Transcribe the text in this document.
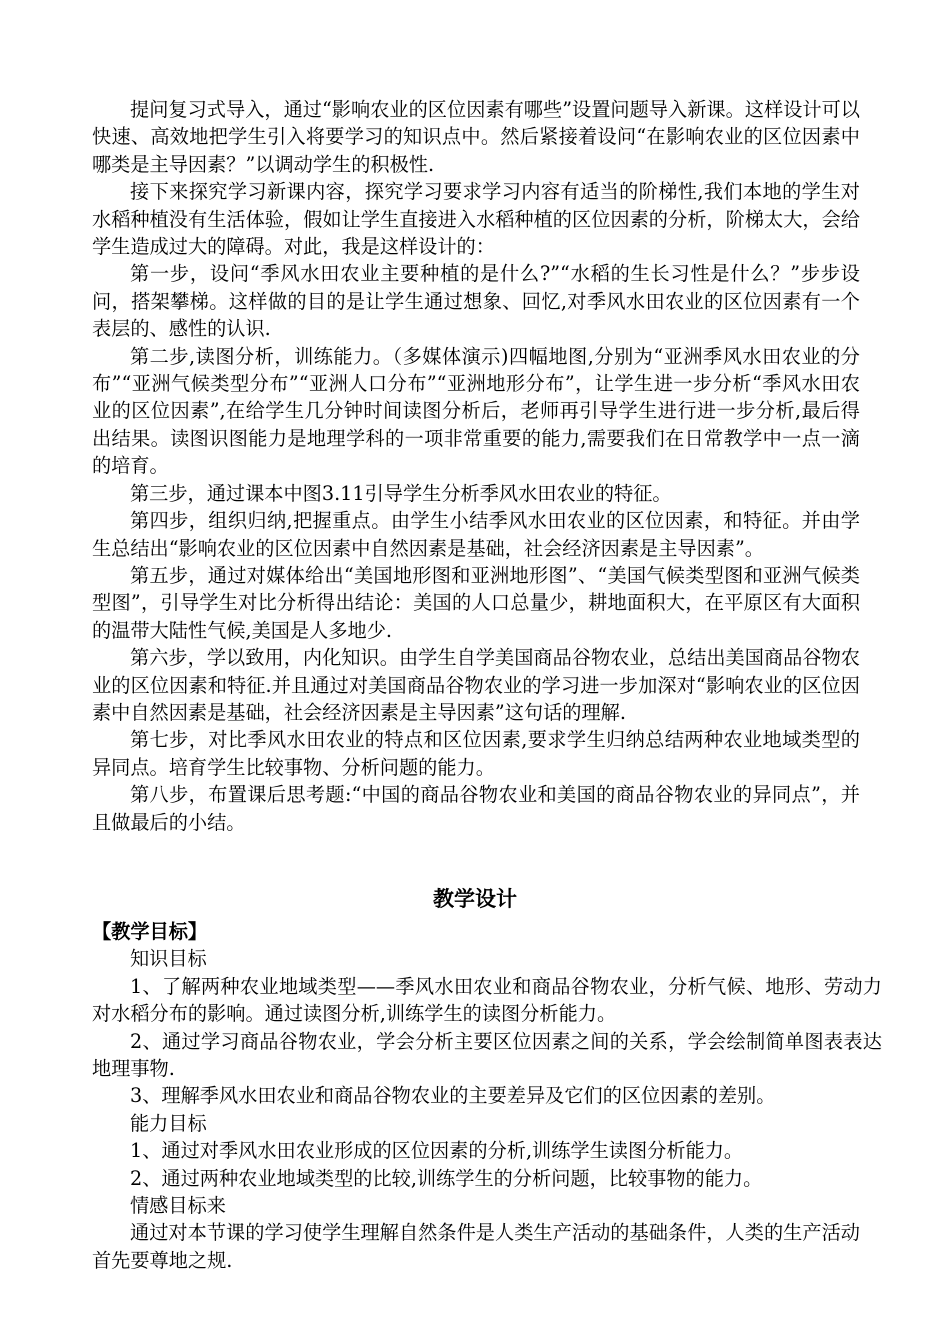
提问复习式导入，通过“影响农业的区位因素有哪些”设置问题导入新课。这样设计可以快速、高效地把学生引入将要学习的知识点中。然后紧接着设问“在影响农业的区位因素中哪类是主导因素？”以调动学生的积极性.

接下来探究学习新课内容，探究学习要求学习内容有适当的阶梯性,我们本地的学生对水稻种植没有生活体验，假如让学生直接进入水稻种植的区位因素的分析，阶梯太大，会给学生造成过大的障碍。对此，我是这样设计的：

第一步，设问“季风水田农业主要种植的是什么?”“水稻的生长习性是什么？”步步设问，搭架攀梯。这样做的目的是让学生通过想象、回忆,对季风水田农业的区位因素有一个表层的、感性的认识.

第二步,读图分析，训练能力。（多媒体演示)四幅地图,分别为“亚洲季风水田农业的分布”“亚洲气候类型分布”“亚洲人口分布”“亚洲地形分布”，让学生进一步分析“季风水田农业的区位因素”,在给学生几分钟时间读图分析后，老师再引导学生进行进一步分析,最后得出结果。读图识图能力是地理学科的一项非常重要的能力,需要我们在日常教学中一点一滴的培育。

第三步，通过课本中图3.11引导学生分析季风水田农业的特征。

第四步，组织归纳,把握重点。由学生小结季风水田农业的区位因素，和特征。并由学生总结出“影响农业的区位因素中自然因素是基础，社会经济因素是主导因素”。

第五步，通过对媒体给出“美国地形图和亚洲地形图”、“美国气候类型图和亚洲气候类型图”，引导学生对比分析得出结论：美国的人口总量少，耕地面积大，在平原区有大面积的温带大陆性气候,美国是人多地少.

第六步，学以致用，内化知识。由学生自学美国商品谷物农业，总结出美国商品谷物农业的区位因素和特征.并且通过对美国商品谷物农业的学习进一步加深对“影响农业的区位因素中自然因素是基础，社会经济因素是主导因素”这句话的理解.

第七步，对比季风水田农业的特点和区位因素,要求学生归纳总结两种农业地域类型的异同点。培育学生比较事物、分析问题的能力。

第八步，布置课后思考题:“中国的商品谷物农业和美国的商品谷物农业的异同点”，并且做最后的小结。

教学设计

【教学目标】

知识目标

1、了解两种农业地域类型——季风水田农业和商品谷物农业，分析气候、地形、劳动力对水稻分布的影响。通过读图分析,训练学生的读图分析能力。

2、通过学习商品谷物农业，学会分析主要区位因素之间的关系，学会绘制简单图表表达地理事物.

3、理解季风水田农业和商品谷物农业的主要差异及它们的区位因素的差别。

能力目标

1、通过对季风水田农业形成的区位因素的分析,训练学生读图分析能力。

2、通过两种农业地域类型的比较,训练学生的分析问题，比较事物的能力。

情感目标来

通过对本节课的学习使学生理解自然条件是人类生产活动的基础条件，人类的生产活动首先要尊地之规.
